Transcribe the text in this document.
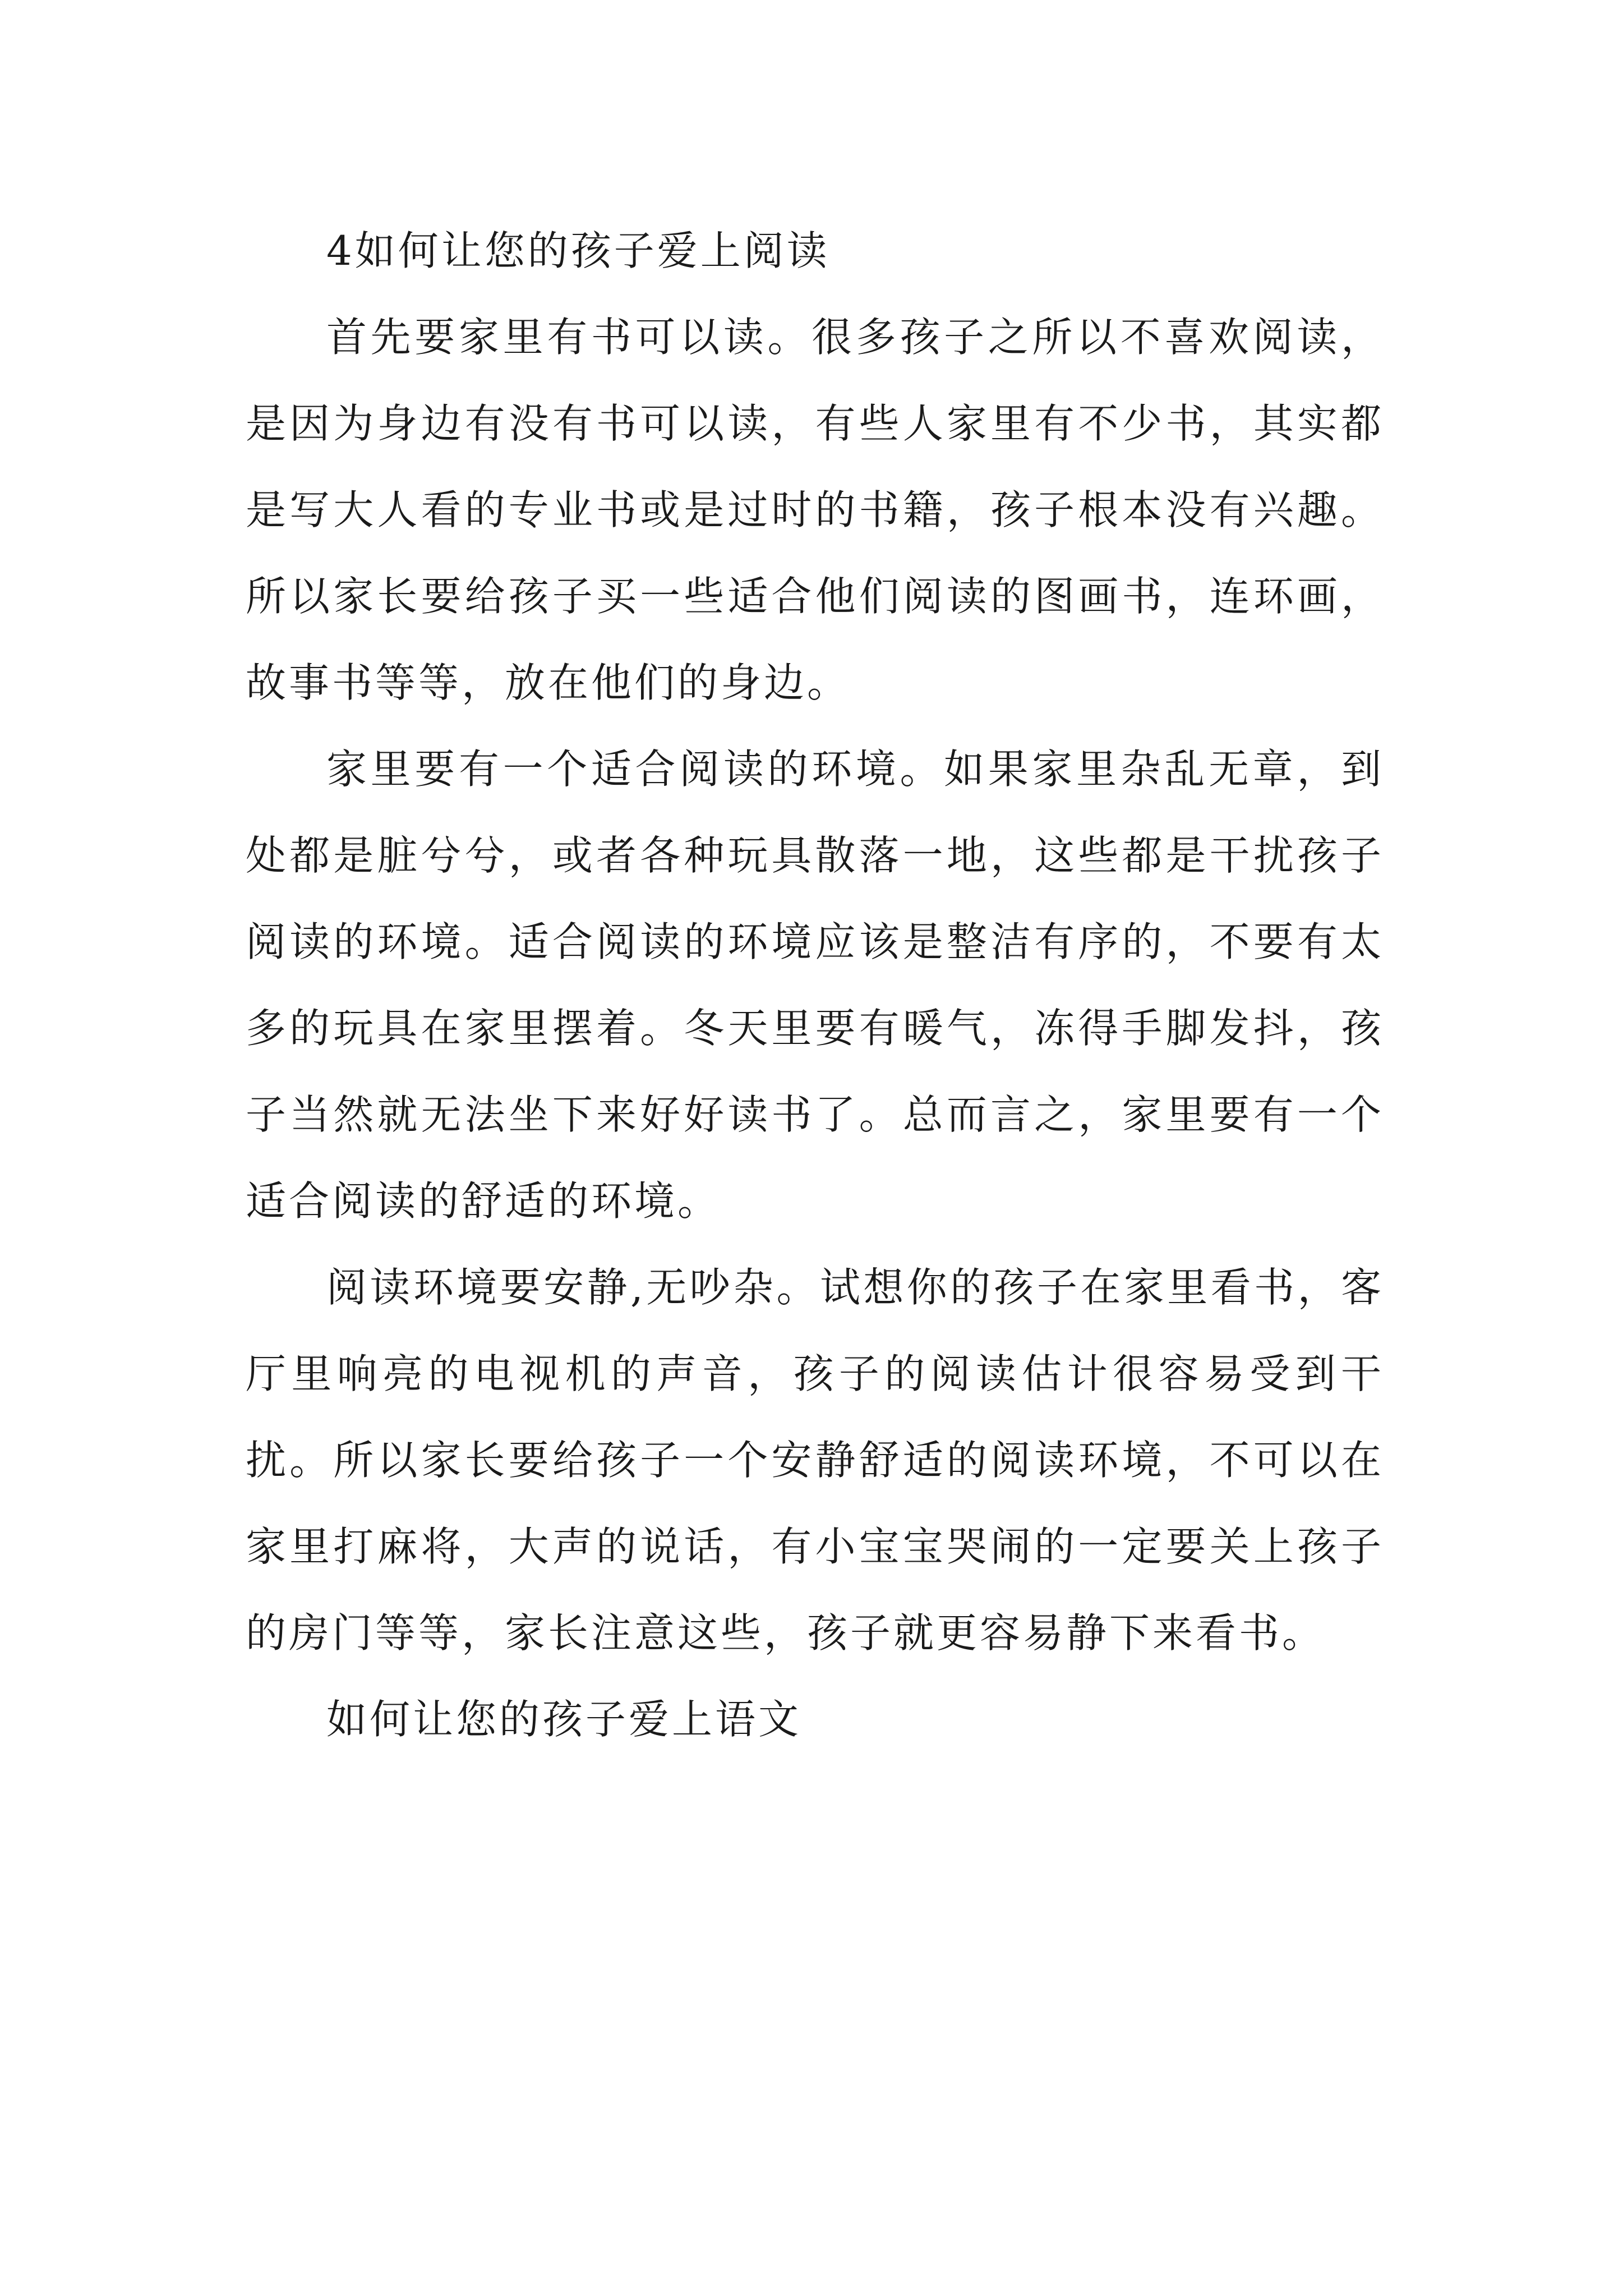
4如何让您的孩子爱上阅读

首先要家里有书可以读。很多孩子之所以不喜欢阅读，是因为身边有没有书可以读，有些人家里有不少书，其实都是写大人看的专业书或是过时的书籍，孩子根本没有兴趣。所以家长要给孩子买一些适合他们阅读的图画书，连环画，故事书等等，放在他们的身边。

家里要有一个适合阅读的环境。如果家里杂乱无章，到处都是脏兮兮，或者各种玩具散落一地，这些都是干扰孩子阅读的环境。适合阅读的环境应该是整洁有序的，不要有太多的玩具在家里摆着。冬天里要有暖气，冻得手脚发抖，孩子当然就无法坐下来好好读书了。总而言之，家里要有一个适合阅读的舒适的环境。

阅读环境要安静,无吵杂。试想你的孩子在家里看书，客厅里响亮的电视机的声音，孩子的阅读估计很容易受到干扰。所以家长要给孩子一个安静舒适的阅读环境，不可以在家里打麻将，大声的说话，有小宝宝哭闹的一定要关上孩子的房门等等，家长注意这些，孩子就更容易静下来看书。

如何让您的孩子爱上语文
